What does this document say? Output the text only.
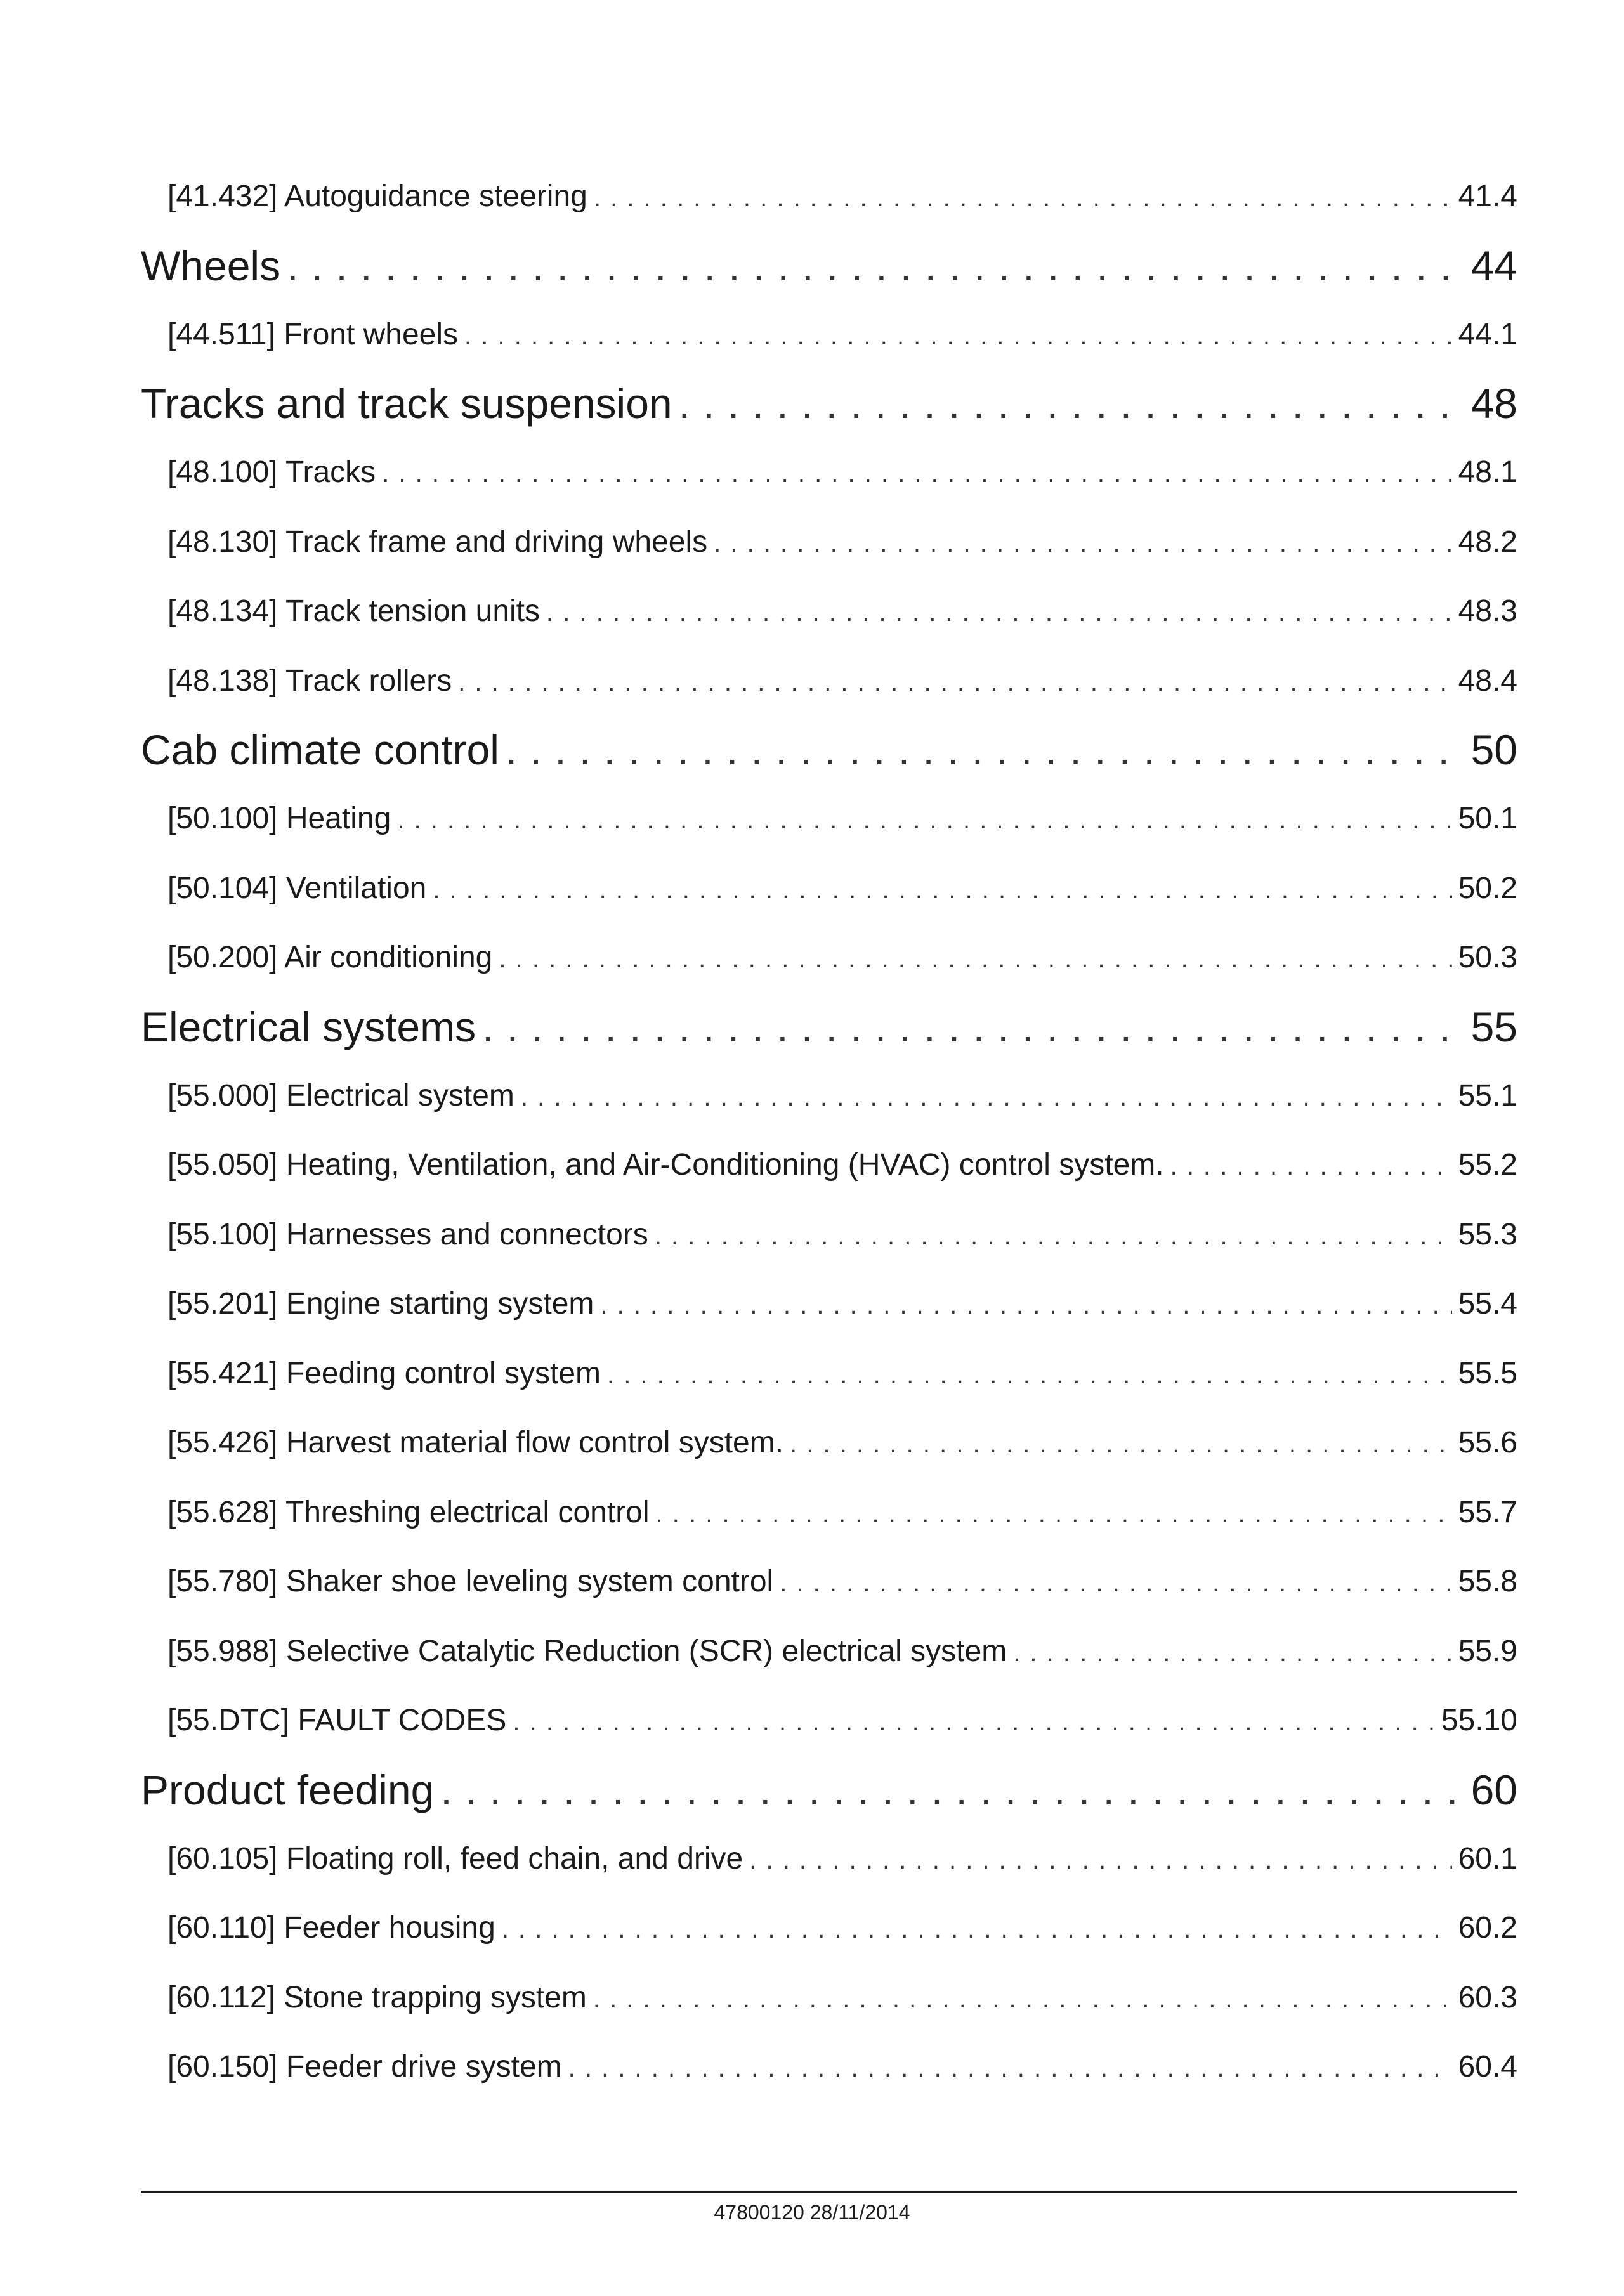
[41.432] Autoguidance steering . . .	41.4
Wheels . . .	44
[44.511] Front wheels . . .	44.1
Tracks and track suspension . . .	48
[48.100] Tracks . . .	48.1
[48.130] Track frame and driving wheels . . .	48.2
[48.134] Track tension units . . .	48.3
[48.138] Track rollers . . .	48.4
Cab climate control . . .	50
[50.100] Heating . . .	50.1
[50.104] Ventilation . . .	50.2
[50.200] Air conditioning . . .	50.3
Electrical systems . . .	55
[55.000] Electrical system . . .	55.1
[55.050] Heating, Ventilation, and Air-Conditioning (HVAC) control system. . . .	55.2
[55.100] Harnesses and connectors . . .	55.3
[55.201] Engine starting system . . .	55.4
[55.421] Feeding control system . . .	55.5
[55.426] Harvest material flow control system. . . .	55.6
[55.628] Threshing electrical control . . .	55.7
[55.780] Shaker shoe leveling system control . . .	55.8
[55.988] Selective Catalytic Reduction (SCR) electrical system . . .	55.9
[55.DTC] FAULT CODES . . .	55.10
Product feeding . . .	60
[60.105] Floating roll, feed chain, and drive . . .	60.1
[60.110] Feeder housing . . .	60.2
[60.112] Stone trapping system . . .	60.3
[60.150] Feeder drive system . . .	60.4
47800120 28/11/2014
